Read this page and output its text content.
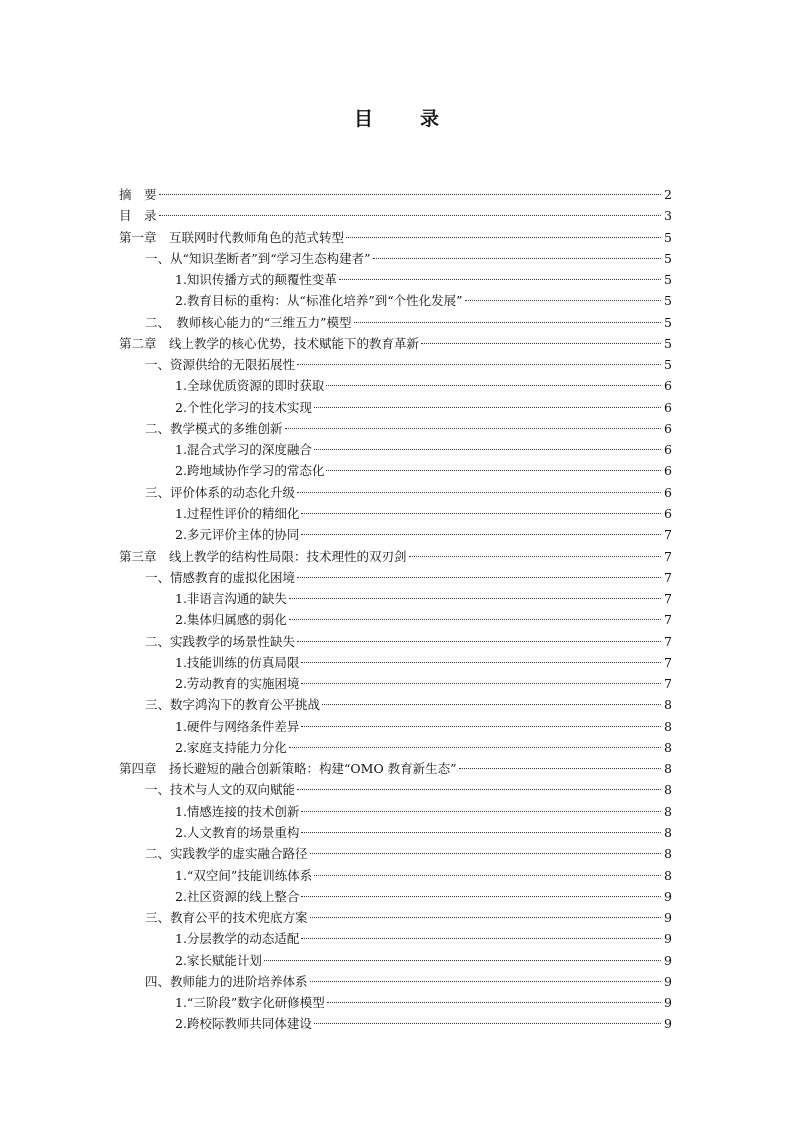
目　录
摘　要	2
目　录	3
第一章　互联网时代教师角色的范式转型	5
一、从“知识垄断者”到“学习生态构建者”	5
1.知识传播方式的颠覆性变革	5
2.教育目标的重构：从“标准化培养”到“个性化发展”	5
二、　教师核心能力的“三维五力”模型	5
第二章　线上教学的核心优势，技术赋能下的教育革新	5
一、资源供给的无限拓展性	5
1.全球优质资源的即时获取	6
2.个性化学习的技术实现	6
二、教学模式的多维创新	6
1.混合式学习的深度融合	6
2.跨地域协作学习的常态化	6
三、评价体系的动态化升级	6
1.过程性评价的精细化	6
2.多元评价主体的协同	7
第三章　线上教学的结构性局限：技术理性的双刃剑	7
一、情感教育的虚拟化困境	7
1.非语言沟通的缺失	7
2.集体归属感的弱化	7
二、实践教学的场景性缺失	7
1.技能训练的仿真局限	7
2.劳动教育的实施困境	7
三、数字鸿沟下的教育公平挑战	8
1.硬件与网络条件差异	8
2.家庭支持能力分化	8
第四章　扬长避短的融合创新策略：构建“OMO 教育新生态”	8
一、技术与人文的双向赋能	8
1.情感连接的技术创新	8
2.人文教育的场景重构	8
二、实践教学的虚实融合路径	8
1.“双空间”技能训练体系	8
2.社区资源的线上整合	9
三、教育公平的技术兜底方案	9
1.分层教学的动态适配	9
2.家长赋能计划	9
四、教师能力的进阶培养体系	9
1.“三阶段”数字化研修模型	9
2.跨校际教师共同体建设	9
